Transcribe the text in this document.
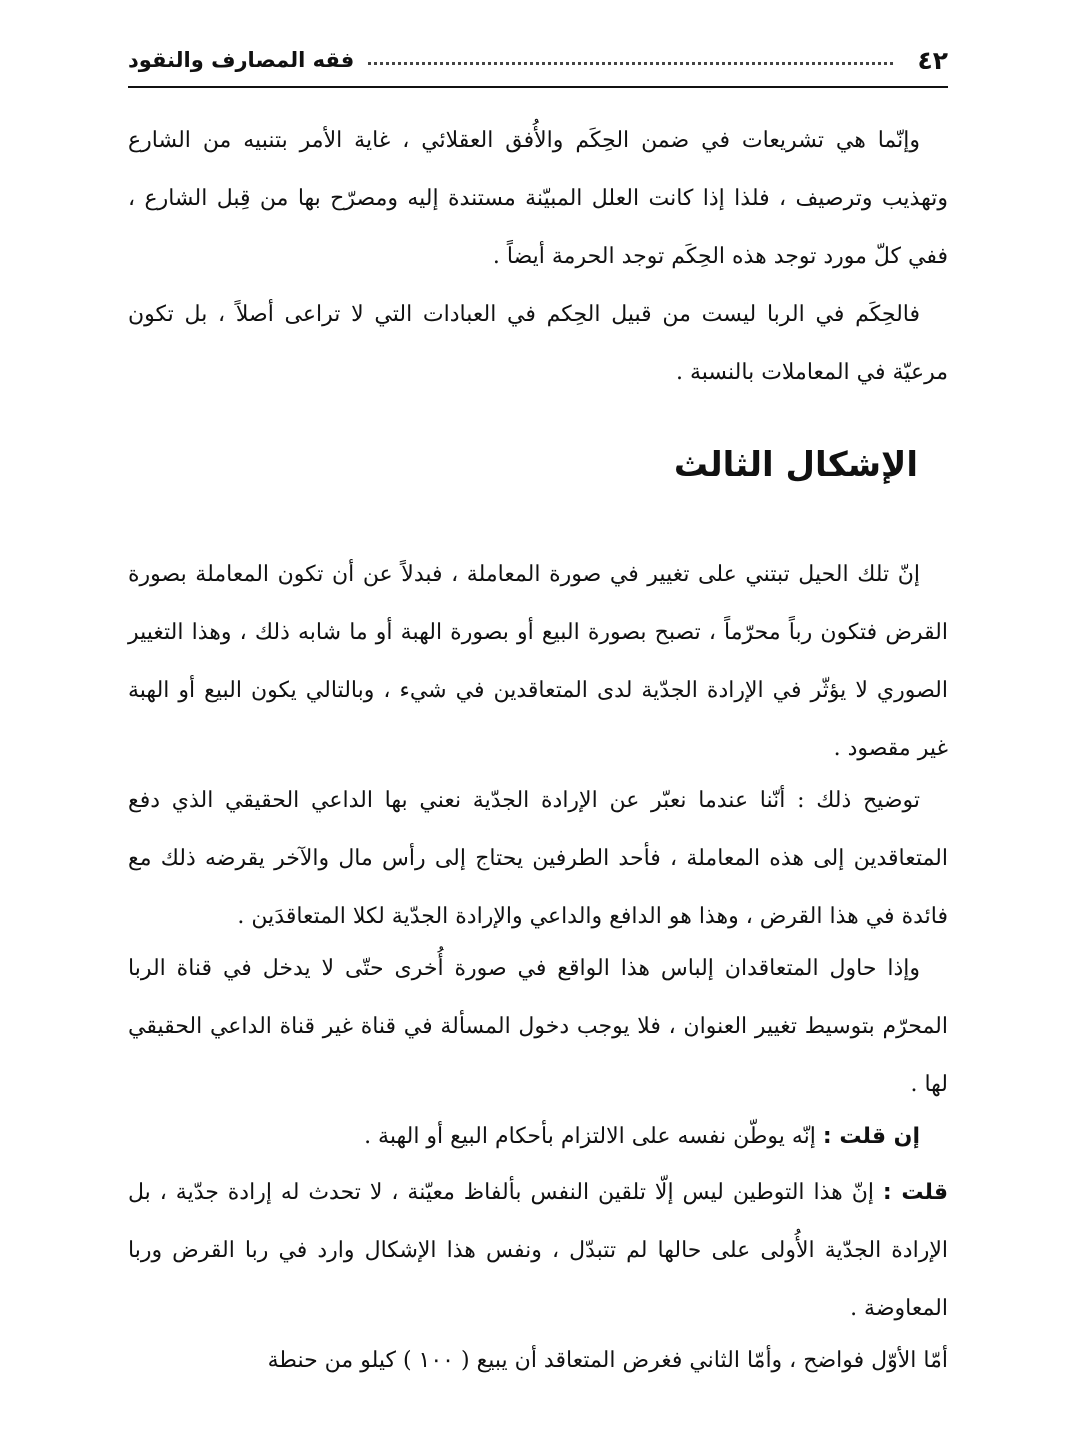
٤٢
فقه المصارف والنقود

وإنّما هي تشريعات في ضمن الحِكَم والأُفق العقلائي ، غاية الأمر بتنبيه من الشارع وتهذيب وترصيف ، فلذا إذا كانت العلل المبيّنة مستندة إليه ومصرّح بها من قِبل الشارع ، ففي كلّ مورد توجد هذه الحِكَم توجد الحرمة أيضاً .

فالحِكَم في الربا ليست من قبيل الحِكم في العبادات التي لا تراعى أصلاً ، بل تكون مرعيّة في المعاملات بالنسبة .

الإشكال الثالث

إنّ تلك الحيل تبتني على تغيير في صورة المعاملة ، فبدلاً عن أن تكون المعاملة بصورة القرض فتكون رباً محرّماً ، تصبح بصورة البيع أو بصورة الهبة أو ما شابه ذلك ، وهذا التغيير الصوري لا يؤثّر في الإرادة الجدّية لدى المتعاقدين في شيء ، وبالتالي يكون البيع أو الهبة غير مقصود .

توضيح ذلك : أنّنا عندما نعبّر عن الإرادة الجدّية نعني بها الداعي الحقيقي الذي دفع المتعاقدين إلى هذه المعاملة ، فأحد الطرفين يحتاج إلى رأس مال والآخر يقرضه ذلك مع فائدة في هذا القرض ، وهذا هو الدافع والداعي والإرادة الجدّية لكلا المتعاقدَين .

وإذا حاول المتعاقدان إلباس هذا الواقع في صورة أُخرى حتّى لا يدخل في قناة الربا المحرّم بتوسيط تغيير العنوان ، فلا يوجب دخول المسألة في قناة غير قناة الداعي الحقيقي لها .

إن قلت : إنّه يوطّن نفسه على الالتزام بأحكام البيع أو الهبة .

قلت : إنّ هذا التوطين ليس إلّا تلقين النفس بألفاظ معيّنة ، لا تحدث له إرادة جدّية ، بل الإرادة الجدّية الأُولى على حالها لم تتبدّل ، ونفس هذا الإشكال وارد في ربا القرض وربا المعاوضة .

أمّا الأوّل فواضح ، وأمّا الثاني فغرض المتعاقد أن يبيع ( ١٠٠ ) كيلو من حنطة
